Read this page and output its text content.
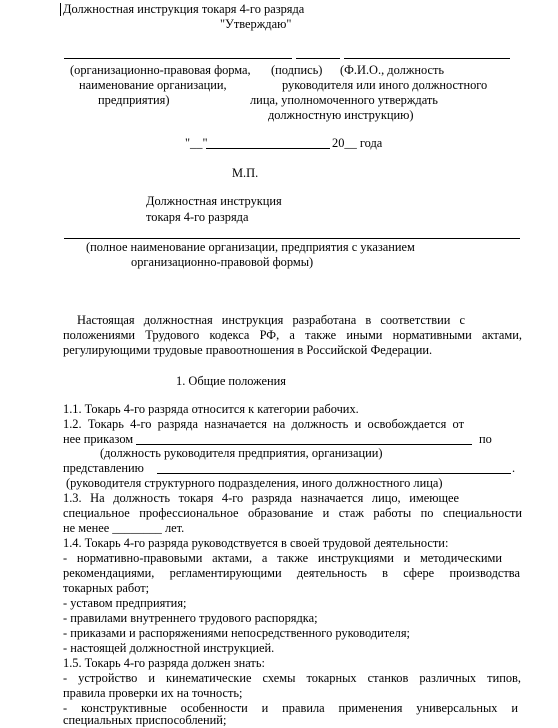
Должностная инструкция токаря 4-го разряда
"Утверждаю"
(организационно-правовая форма, (подпись) (Ф.И.О., должность
наименование организации,	руководителя или иного должностного
предприятия)	лица, уполномоченного утверждать
должностную инструкцию)
"__"	20__ года
М.П.
Должностная инструкция
токаря 4-го разряда
(полное наименование организации, предприятия с указанием
организационно-правовой формы)
Настоящая должностная инструкция разработана в соответствии с
положениями Трудового кодекса РФ, а также иными нормативными актами,
регулирующими трудовые правоотношения в Российской Федерации.
1. Общие положения
1.1. Токарь 4-го разряда относится к категории рабочих.
1.2. Токарь 4-го разряда назначается на должность и освобождается от
нее приказом	по
(должность руководителя предприятия, организации)
представлению	.
(руководителя структурного подразделения, иного должностного лица)
1.3. На должность токаря 4-го разряда назначается лицо, имеющее
специальное профессиональное образование и стаж работы по специальности
не менее ________ лет.
1.4. Токарь 4-го разряда руководствуется в своей трудовой деятельности:
- нормативно-правовыми актами, а также инструкциями и методическими
рекомендациями, регламентирующими деятельность в сфере производства
токарных работ;
- уставом предприятия;
- правилами внутреннего трудового распорядка;
- приказами и распоряжениями непосредственного руководителя;
- настоящей должностной инструкцией.
1.5. Токарь 4-го разряда должен знать:
- устройство и кинематические схемы токарных станков различных типов,
правила проверки их на точность;
- конструктивные особенности и правила применения универсальных и
специальных приспособлений;
